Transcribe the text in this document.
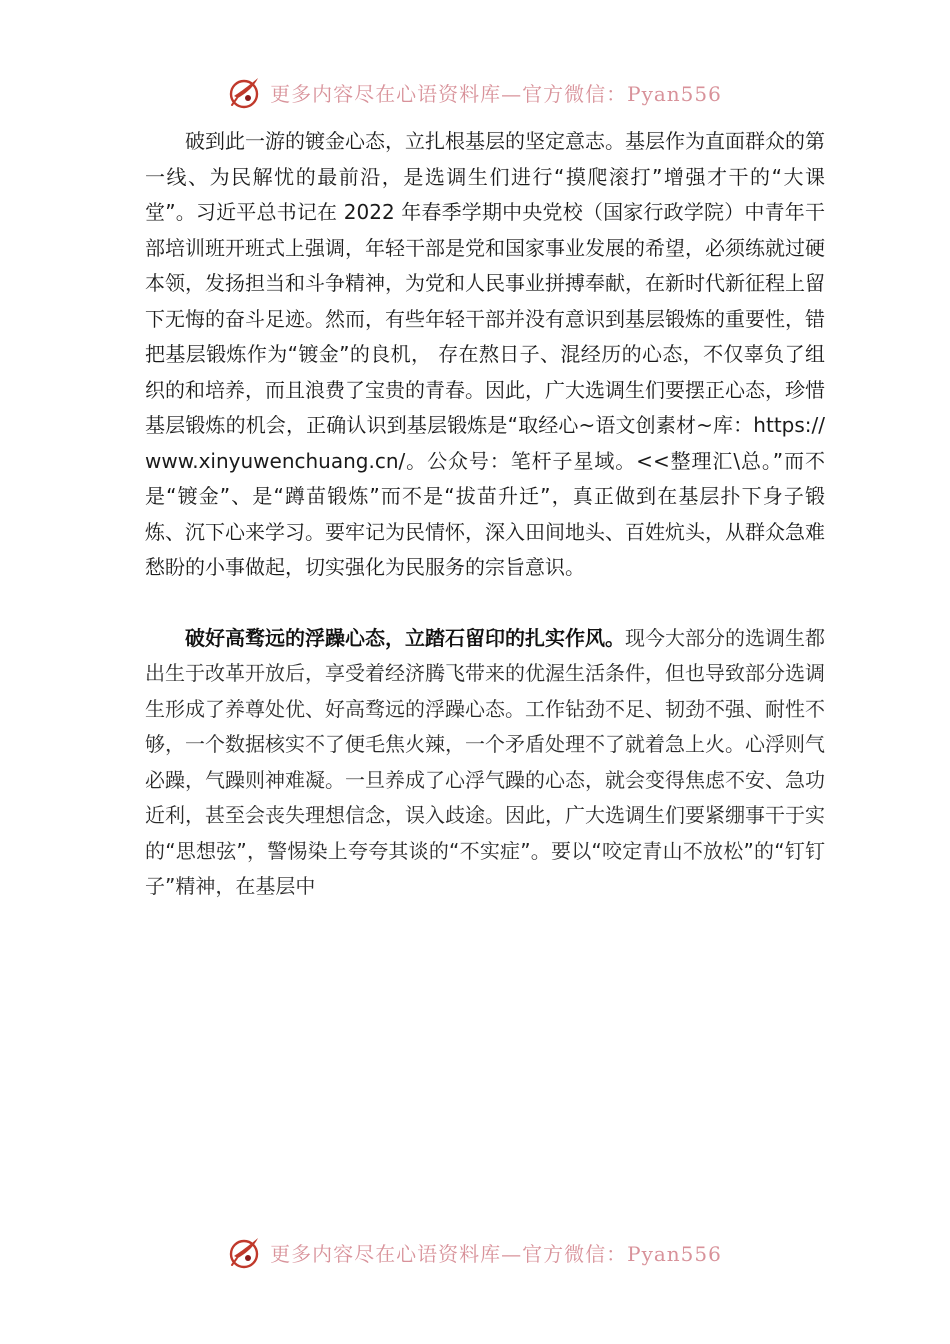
更多内容尽在心语资料库—官方微信：Pyan556

破到此一游的镀金心态，立扎根基层的坚定意志。基层作为直面群众的第一线、为民解忧的最前沿，是选调生们进行“摸爬滚打”增强才干的“大课堂”。习近平总书记在 2022 年春季学期中央党校（国家行政学院）中青年干部培训班开班式上强调，年轻干部是党和国家事业发展的希望，必须练就过硬本领，发扬担当和斗争精神，为党和人民事业拼搏奉献，在新时代新征程上留下无悔的奋斗足迹。然而，有些年轻干部并没有意识到基层锻炼的重要性，错把基层锻炼作为“镀金”的良机， 存在熬日子、混经历的心态，不仅辜负了组织的和培养，而且浪费了宝贵的青春。因此，广大选调生们要摆正心态，珍惜基层锻炼的机会，正确认识到基层锻炼是“取经心~语文创素材~库：https://www.xinyuwenchuang.cn/。公众号：笔杆子星域。<<整理汇\总。”而不是“镀金”、是“蹲苗锻炼”而不是“拔苗升迁”，真正做到在基层扑下身子锻炼、沉下心来学习。要牢记为民情怀，深入田间地头、百姓炕头，从群众急难愁盼的小事做起，切实强化为民服务的宗旨意识。

破好高骛远的浮躁心态，立踏石留印的扎实作风。现今大部分的选调生都出生于改革开放后，享受着经济腾飞带来的优渥生活条件，但也导致部分选调生形成了养尊处优、好高骛远的浮躁心态。工作钻劲不足、韧劲不强、耐性不够，一个数据核实不了便毛焦火辣，一个矛盾处理不了就着急上火。心浮则气必躁，气躁则神难凝。一旦养成了心浮气躁的心态，就会变得焦虑不安、急功近利，甚至会丧失理想信念，误入歧途。因此，广大选调生们要紧绷事干于实的“思想弦”，警惕染上夸夸其谈的“不实症”。要以“咬定青山不放松”的“钉钉子”精神，在基层中

更多内容尽在心语资料库—官方微信：Pyan556
